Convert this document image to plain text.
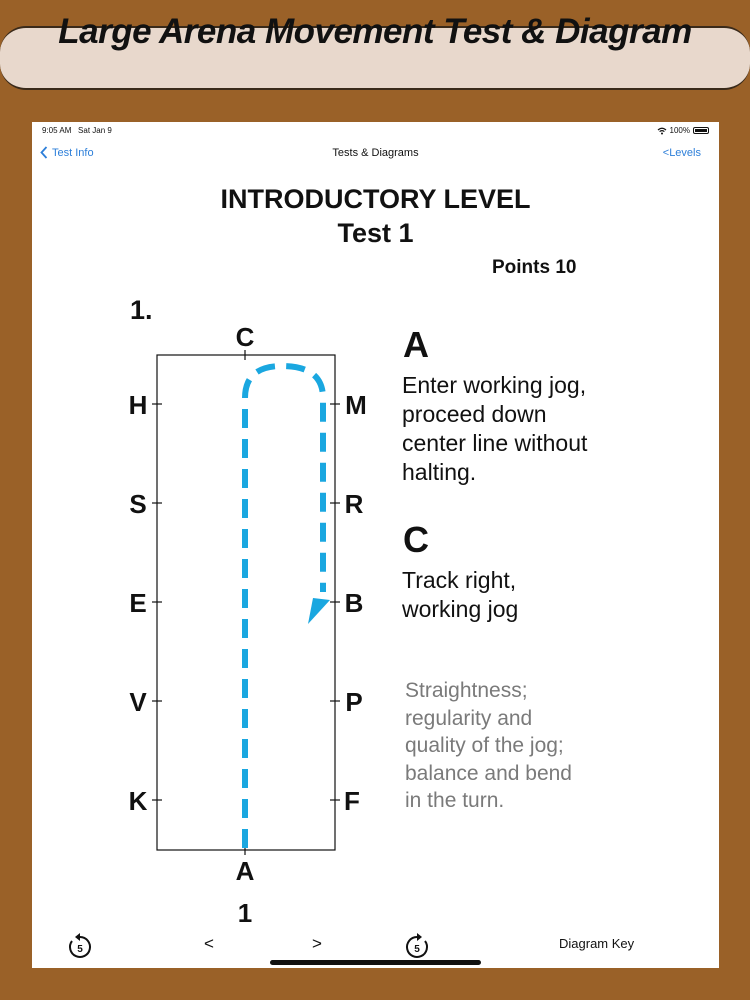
Large Arena Movement Test & Diagram
9:05 AM Sat Jan 9	100%
Test Info	Tests & Diagrams	<Levels
INTRODUCTORY LEVEL
Test 1
Points 10
1.
C
A
1
H
S
E
V
K
M
R
B
P
F
A
Enter working jog,
proceed down
center line without
halting.
C
Track right,
working jog
Straightness;
regularity and
quality of the jog;
balance and bend
in the turn.
5	<	>	5	Diagram Key
